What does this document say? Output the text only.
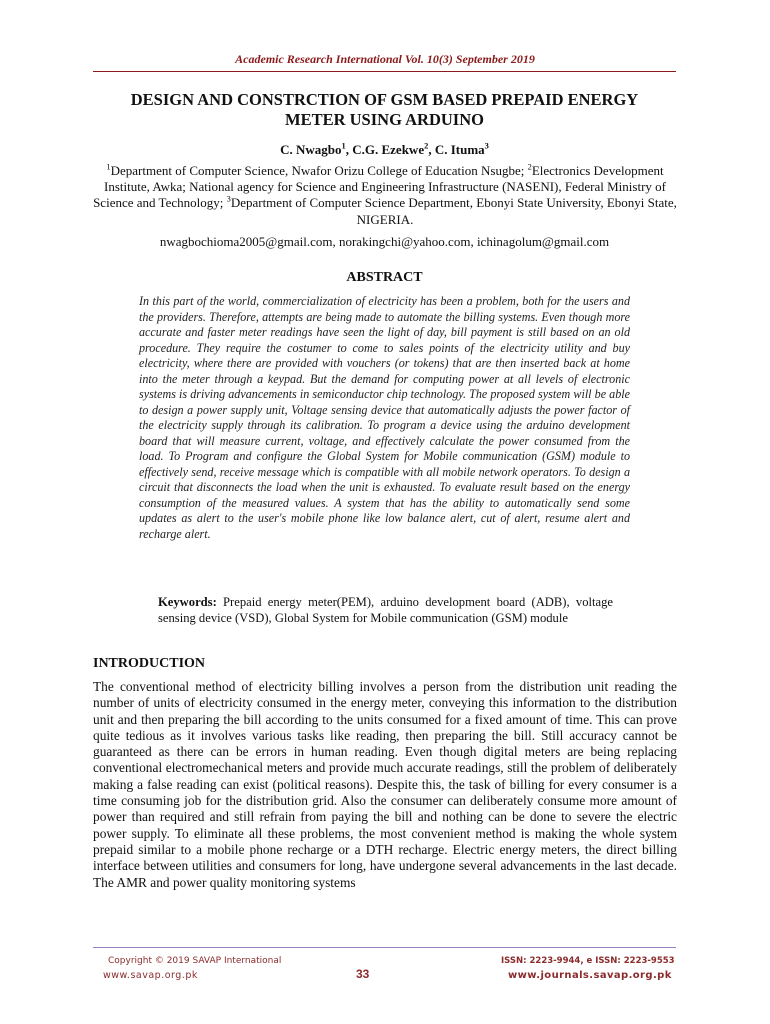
Academic Research International Vol. 10(3) September 2019
DESIGN AND CONSTRCTION OF GSM BASED PREPAID ENERGY
METER USING ARDUINO
C. Nwagbo$^1$, C.G. Ezekwe$^2$, C. Ituma$^3$
$^1$Department of Computer Science, Nwafor Orizu College of Education Nsugbe; $^2$Electronics Development Institute, Awka; National agency for Science and Engineering Infrastructure (NASENI), Federal Ministry of Science and Technology; $^3$Department of Computer Science Department, Ebonyi State University, Ebonyi State, NIGERIA.
nwagbochioma2005@gmail.com, norakingchi@yahoo.com, ichinagolum@gmail.com
ABSTRACT
In this part of the world, commercialization of electricity has been a problem, both for the users and the providers. Therefore, attempts are being made to automate the billing systems. Even though more accurate and faster meter readings have seen the light of day, bill payment is still based on an old procedure. They require the costumer to come to sales points of the electricity utility and buy electricity, where there are provided with vouchers (or tokens) that are then inserted back at home into the meter through a keypad. But the demand for computing power at all levels of electronic systems is driving advancements in semiconductor chip technology. The proposed system will be able to design a power supply unit, Voltage sensing device that automatically adjusts the power factor of the electricity supply through its calibration. To program a device using the arduino development board that will measure current, voltage, and effectively calculate the power consumed from the load. To Program and configure the Global System for Mobile communication (GSM) module to effectively send, receive message which is compatible with all mobile network operators. To design a circuit that disconnects the load when the unit is exhausted. To evaluate result based on the energy consumption of the measured values. A system that has the ability to automatically send some updates as alert to the user's mobile phone like low balance alert, cut of alert, resume alert and recharge alert.
Keywords: Prepaid energy meter(PEM), arduino development board (ADB), voltage sensing device (VSD), Global System for Mobile communication (GSM) module
INTRODUCTION
The conventional method of electricity billing involves a person from the distribution unit reading the number of units of electricity consumed in the energy meter, conveying this information to the distribution unit and then preparing the bill according to the units consumed for a fixed amount of time. This can prove quite tedious as it involves various tasks like reading, then preparing the bill. Still accuracy cannot be guaranteed as there can be errors in human reading. Even though digital meters are being replacing conventional electromechanical meters and provide much accurate readings, still the problem of deliberately making a false reading can exist (political reasons). Despite this, the task of billing for every consumer is a time consuming job for the distribution grid. Also the consumer can deliberately consume more amount of power than required and still refrain from paying the bill and nothing can be done to severe the electric power supply. To eliminate all these problems, the most convenient method is making the whole system prepaid similar to a mobile phone recharge or a DTH recharge. Electric energy meters, the direct billing interface between utilities and consumers for long, have undergone several advancements in the last decade. The AMR and power quality monitoring systems
Copyright © 2019 SAVAP International
www.savap.org.pk	33
ISSN: 2223-9944, e ISSN: 2223-9553
www.journals.savap.org.pk
